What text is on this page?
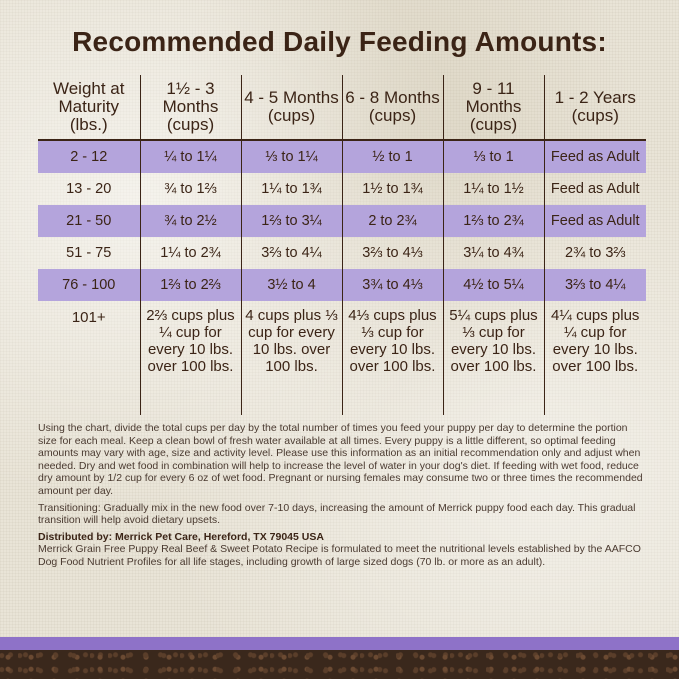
Recommended Daily Feeding Amounts:
Weight at Maturity (lbs.)	1½ - 3 Months (cups)	4 - 5 Months (cups)	6 - 8 Months (cups)	9 - 11 Months (cups)	1 - 2 Years (cups)
2 - 12	¼ to 1¼	⅓ to 1¼	½ to 1	⅓ to 1	Feed as Adult
13 - 20	¾ to 1⅔	1¼ to 1¾	1½ to 1¾	1¼ to 1½	Feed as Adult
21 - 50	¾ to 2½	1⅔ to 3¼	2 to 2¾	1⅔ to 2¾	Feed as Adult
51 - 75	1¼ to 2¾	3⅔ to 4¼	3⅔ to 4⅓	3¼ to 4¾	2¾ to 3⅔
76 - 100	1⅔ to 2⅔	3½ to 4	3¾ to 4⅓	4½ to 5¼	3⅔ to 4¼
101+	2⅔ cups plus ¼ cup for every 10 lbs. over 100 lbs.	4 cups plus ⅓ cup for every 10 lbs. over 100 lbs.	4⅓ cups plus ⅓ cup for every 10 lbs. over 100 lbs.	5¼ cups plus ⅓ cup for every 10 lbs. over 100 lbs.	4¼ cups plus ¼ cup for every 10 lbs. over 100 lbs.

Using the chart, divide the total cups per day by the total number of times you feed your puppy per day to determine the portion size for each meal. Keep a clean bowl of fresh water available at all times. Every puppy is a little different, so optimal feeding amounts may vary with age, size and activity level. Please use this information as an initial recommendation only and adjust when needed. Dry and wet food in combination will help to increase the level of water in your dog's diet. If feeding with wet food, reduce dry amount by 1/2 cup for every 6 oz of wet food. Pregnant or nursing females may consume two or three times the recommended amount per day.

Transitioning: Gradually mix in the new food over 7-10 days, increasing the amount of Merrick puppy food each day. This gradual transition will help avoid dietary upsets.

Distributed by: Merrick Pet Care, Hereford, TX 79045 USA

Merrick Grain Free Puppy Real Beef & Sweet Potato Recipe is formulated to meet the nutritional levels established by the AAFCO Dog Food Nutrient Profiles for all life stages, including growth of large sized dogs (70 lb. or more as an adult).
